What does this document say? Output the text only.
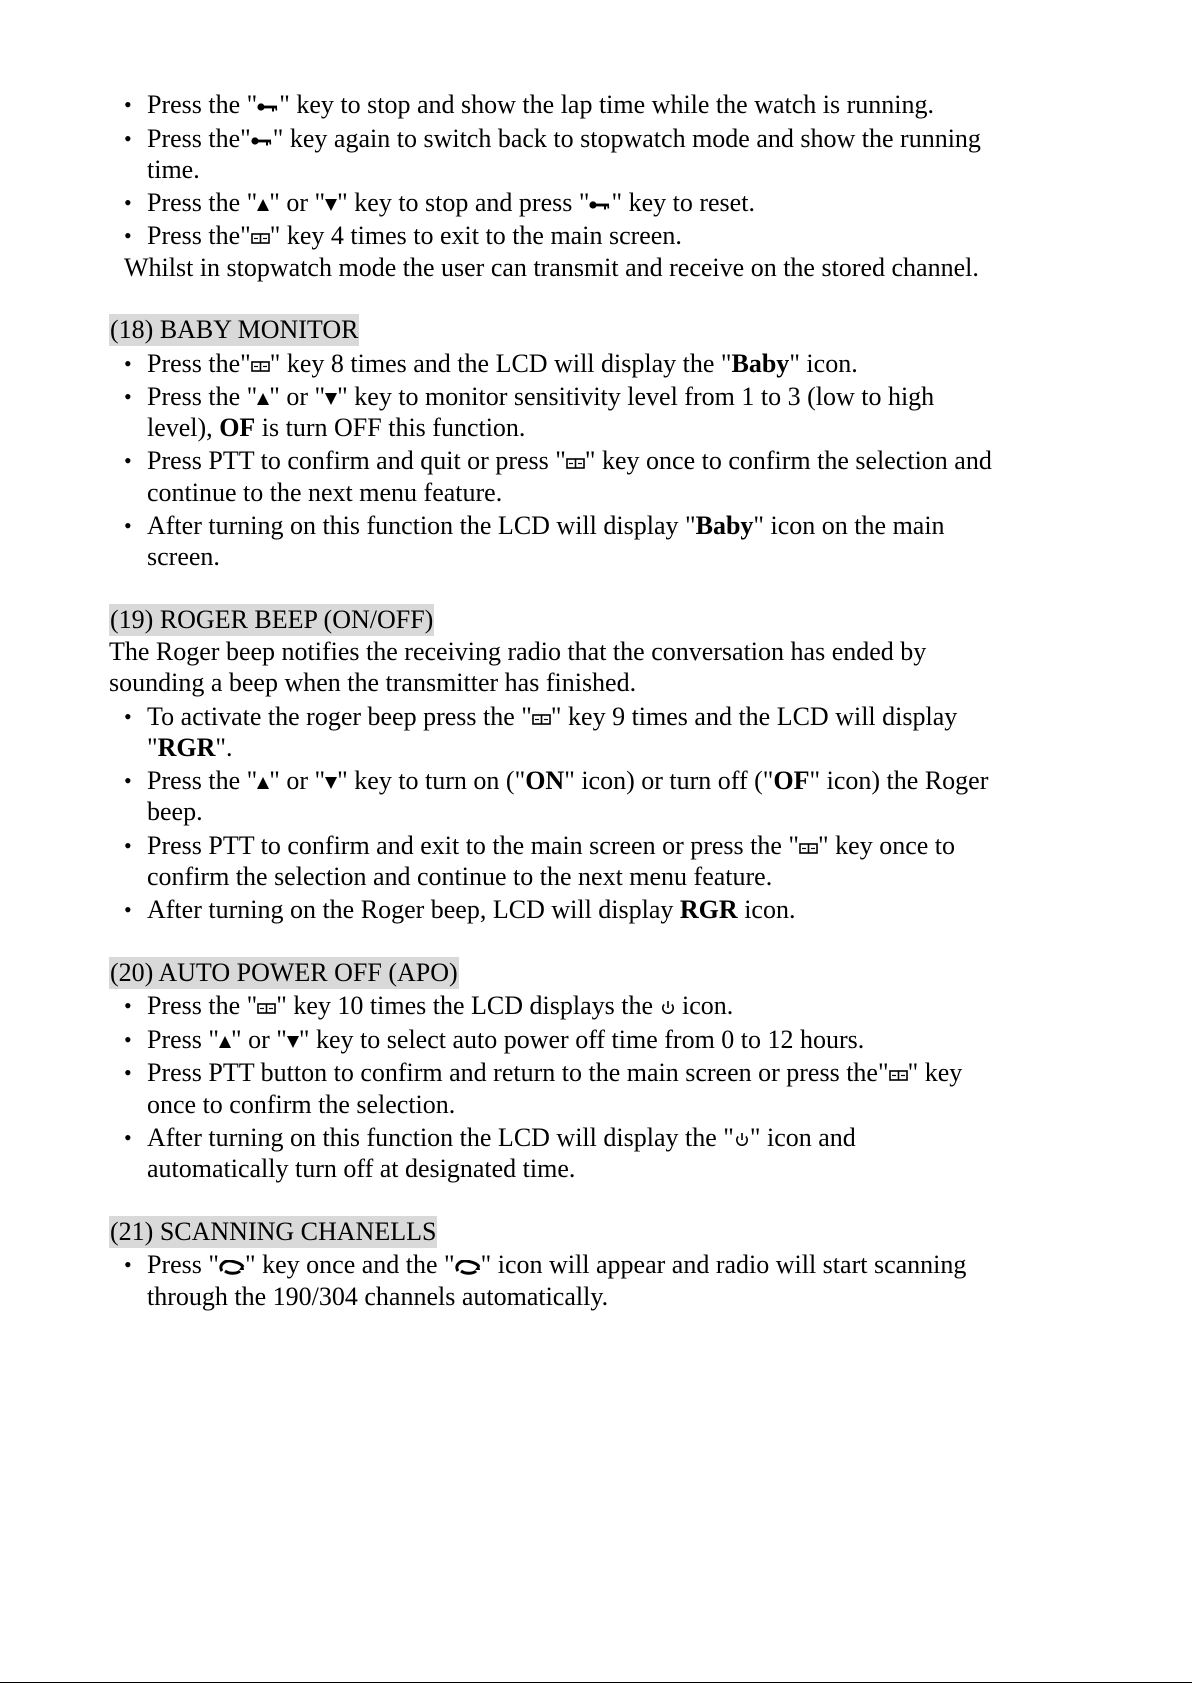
• Press the " " key to stop and show the lap time while the watch is running.
• Press the" " key again to switch back to stopwatch mode and show the running
time.
• Press the " " or " " key to stop and press " " key to reset.
• Press the" " key 4 times to exit to the main screen.
Whilst in stopwatch mode the user can transmit and receive on the stored channel.
(18) BABY MONITOR
• Press the" " key 8 times and the LCD will display the "Baby" icon.
• Press the " " or " " key to monitor sensitivity level from 1 to 3 (low to high
level), OF is turn OFF this function.
• Press PTT to confirm and quit or press " " key once to confirm the selection and
continue to the next menu feature.
• After turning on this function the LCD will display "Baby" icon on the main
screen.
(19) ROGER BEEP (ON/OFF)
The Roger beep notifies the receiving radio that the conversation has ended by
sounding a beep when the transmitter has finished.
• To activate the roger beep press the " " key 9 times and the LCD will display
"RGR".
• Press the " " or " " key to turn on ("ON" icon) or turn off ("OF" icon) the Roger
beep.
• Press PTT to confirm and exit to the main screen or press the " " key once to
confirm the selection and continue to the next menu feature.
• After turning on the Roger beep, LCD will display RGR icon.
(20) AUTO POWER OFF (APO)
• Press the " " key 10 times the LCD displays the
icon.
• Press " " or " " key to select auto power off time from 0 to 12 hours.
• Press PTT button to confirm and return to the main screen or press the" " key
once to confirm the selection.
• After turning on this function the LCD will display the " " icon and
automatically turn off at designated time.
(21) SCANNING CHANELLS
• Press " " key once and the " " icon will appear and radio will start scanning
through the 190/304 channels automatically.
